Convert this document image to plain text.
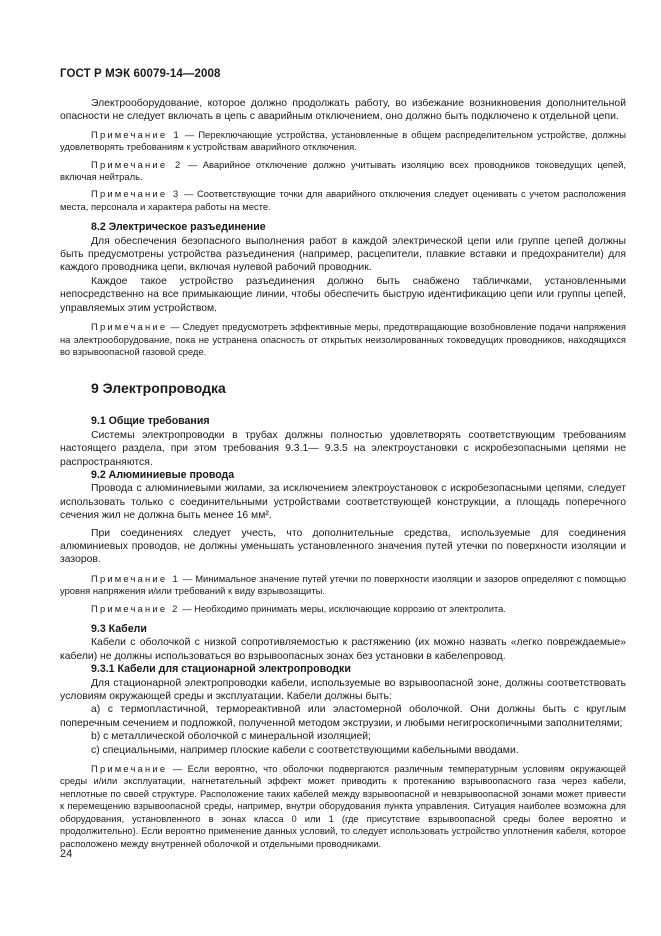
ГОСТ Р МЭК 60079-14—2008

Электрооборудование, которое должно продолжать работу, во избежание возникновения дополнительной опасности не следует включать в цепь с аварийным отключением, оно должно быть подключено к отдельной цепи.

Примечание 1 — Переключающие устройства, установленные в общем распределительном устройстве, должны удовлетворять требованиям к устройствам аварийного отключения.

Примечание 2 — Аварийное отключение должно учитывать изоляцию всех проводников токоведущих цепей, включая нейтраль.

Примечание 3 — Соответствующие точки для аварийного отключения следует оценивать с учетом расположения места, персонала и характера работы на месте.

8.2 Электрическое разъединение

Для обеспечения безопасного выполнения работ в каждой электрической цепи или группе цепей должны быть предусмотрены устройства разъединения (например, расцепители, плавкие вставки и предохранители) для каждого проводника цепи, включая нулевой рабочий проводник.

Каждое такое устройство разъединения должно быть снабжено табличками, установленными непосредственно на все примыкающие линии, чтобы обеспечить быструю идентификацию цепи или группы цепей, управляемых этим устройством.

Примечание — Следует предусмотреть эффективные меры, предотвращающие возобновление подачи напряжения на электрооборудование, пока не устранена опасность от открытых неизолированных токоведущих проводников, находящихся во взрывоопасной газовой среде.

9 Электропроводка

9.1 Общие требования

Системы электропроводки в трубах должны полностью удовлетворять соответствующим требованиям настоящего раздела, при этом требования 9.3.1— 9.3.5 на электроустановки с искробезопасными цепями не распространяются.

9.2 Алюминиевые провода

Провода с алюминиевыми жилами, за исключением электроустановок с искробезопасными цепями, следует использовать только с соединительными устройствами соответствующей конструкции, а площадь поперечного сечения жил не должна быть менее 16 мм².

При соединениях следует учесть, что дополнительные средства, используемые для соединения алюминиевых проводов, не должны уменьшать установленного значения путей утечки по поверхности изоляции и зазоров.

Примечание 1 — Минимальное значение путей утечки по поверхности изоляции и зазоров определяют с помощью уровня напряжения и/или требований к виду взрывозащиты.

Примечание 2 — Необходимо принимать меры, исключающие коррозию от электролита.

9.3 Кабели

Кабели с оболочкой с низкой сопротивляемостью к растяжению (их можно назвать «легко повреждаемые» кабели) не должны использоваться во взрывоопасных зонах без установки в кабелепровод.

9.3.1 Кабели для стационарной электропроводки

Для стационарной электропроводки кабели, используемые во взрывоопасной зоне, должны соответствовать условиям окружающей среды и эксплуатации. Кабели должны быть:

a) с термопластичной, термореактивной или эластомерной оболочкой. Они должны быть с круглым поперечным сечением и подложкой, полученной методом экструзии, и любыми негигроскопичными заполнителями;

b) с металлической оболочкой с минеральной изоляцией;

c) специальными, например плоские кабели с соответствующими кабельными вводами.

Примечание — Если вероятно, что оболочки подвергаются различным температурным условиям окружающей среды и/или эксплуатации, нагнетательный эффект может приводить к протеканию взрывоопасного газа через кабели, неплотные по своей структуре. Расположение таких кабелей между взрывоопасной и невзрывоопасной зонами может привести к перемещению взрывоопасной среды, например, внутри оборудования пункта управления. Ситуация наиболее возможна для оборудования, установленного в зонах класса 0 или 1 (где присутствие взрывоопасной среды более вероятно и продолжительно). Если вероятно применение данных условий, то следует использовать устройство уплотнения кабеля, которое расположено между внутренней оболочкой и отдельными проводниками.

24
